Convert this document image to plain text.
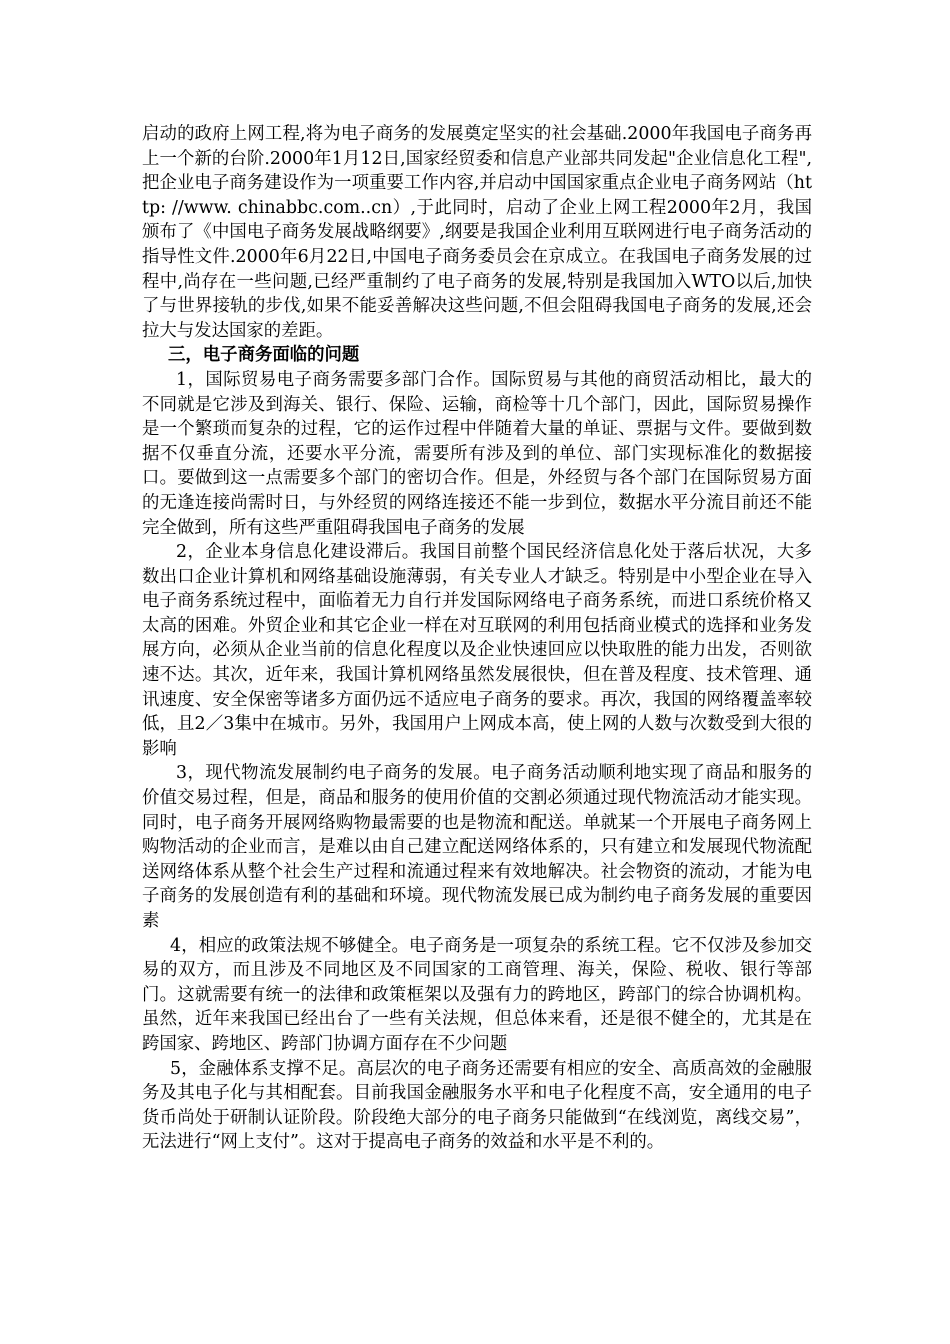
启动的政府上网工程,将为电子商务的发展奠定坚实的社会基础.2000年我国电子商务再上一个新的台阶.2000年1月12日,国家经贸委和信息产业部共同发起"企业信息化工程",把企业电子商务建设作为一项重要工作内容,并启动中国国家重点企业电子商务网站（http: //www. chinabbc.com..cn）,于此同时，启动了企业上网工程2000年2月，我国颁布了《中国电子商务发展战略纲要》,纲要是我国企业利用互联网进行电子商务活动的指导性文件.2000年6月22日,中国电子商务委员会在京成立。在我国电子商务发展的过程中,尚存在一些问题,已经严重制约了电子商务的发展,特别是我国加入WTO以后,加快了与世界接轨的步伐,如果不能妥善解决这些问题,不但会阻碍我国电子商务的发展,还会拉大与发达国家的差距。

三，电子商务面临的问题

1，国际贸易电子商务需要多部门合作。国际贸易与其他的商贸活动相比，最大的不同就是它涉及到海关、银行、保险、运输，商检等十几个部门，因此，国际贸易操作是一个繁琐而复杂的过程，它的运作过程中伴随着大量的单证、票据与文件。要做到数据不仅垂直分流，还要水平分流，需要所有涉及到的单位、部门实现标准化的数据接口。要做到这一点需要多个部门的密切合作。但是，外经贸与各个部门在国际贸易方面的无逢连接尚需时日，与外经贸的网络连接还不能一步到位，数据水平分流目前还不能完全做到，所有这些严重阻碍我国电子商务的发展

2，企业本身信息化建设滞后。我国目前整个国民经济信息化处于落后状况，大多数出口企业计算机和网络基础设施薄弱，有关专业人才缺乏。特别是中小型企业在导入电子商务系统过程中，面临着无力自行并发国际网络电子商务系统，而进口系统价格又太高的困难。外贸企业和其它企业一样在对互联网的利用包括商业模式的选择和业务发展方向，必须从企业当前的信息化程度以及企业快速回应以快取胜的能力出发，否则欲速不达。其次，近年来，我国计算机网络虽然发展很快，但在普及程度、技术管理、通讯速度、安全保密等诸多方面仍远不适应电子商务的要求。再次，我国的网络覆盖率较低，且2／3集中在城市。另外，我国用户上网成本高，使上网的人数与次数受到大很的影响

3，现代物流发展制约电子商务的发展。电子商务活动顺利地实现了商品和服务的价值交易过程，但是，商品和服务的使用价值的交割必须通过现代物流活动才能实现。同时，电子商务开展网络购物最需要的也是物流和配送。单就某一个开展电子商务网上购物活动的企业而言，是难以由自己建立配送网络体系的，只有建立和发展现代物流配送网络体系从整个社会生产过程和流通过程来有效地解决。社会物资的流动，才能为电子商务的发展创造有利的基础和环境。现代物流发展已成为制约电子商务发展的重要因素

4，相应的政策法规不够健全。电子商务是一项复杂的系统工程。它不仅涉及参加交易的双方，而且涉及不同地区及不同国家的工商管理、海关，保险、税收、银行等部门。这就需要有统一的法律和政策框架以及强有力的跨地区，跨部门的综合协调机构。虽然，近年来我国已经出台了一些有关法规，但总体来看，还是很不健全的，尤其是在跨国家、跨地区、跨部门协调方面存在不少问题

5，金融体系支撑不足。高层次的电子商务还需要有相应的安全、高质高效的金融服务及其电子化与其相配套。目前我国金融服务水平和电子化程度不高，安全通用的电子货币尚处于研制认证阶段。阶段绝大部分的电子商务只能做到“在线浏览，离线交易”，无法进行“网上支付”。这对于提高电子商务的效益和水平是不利的。
